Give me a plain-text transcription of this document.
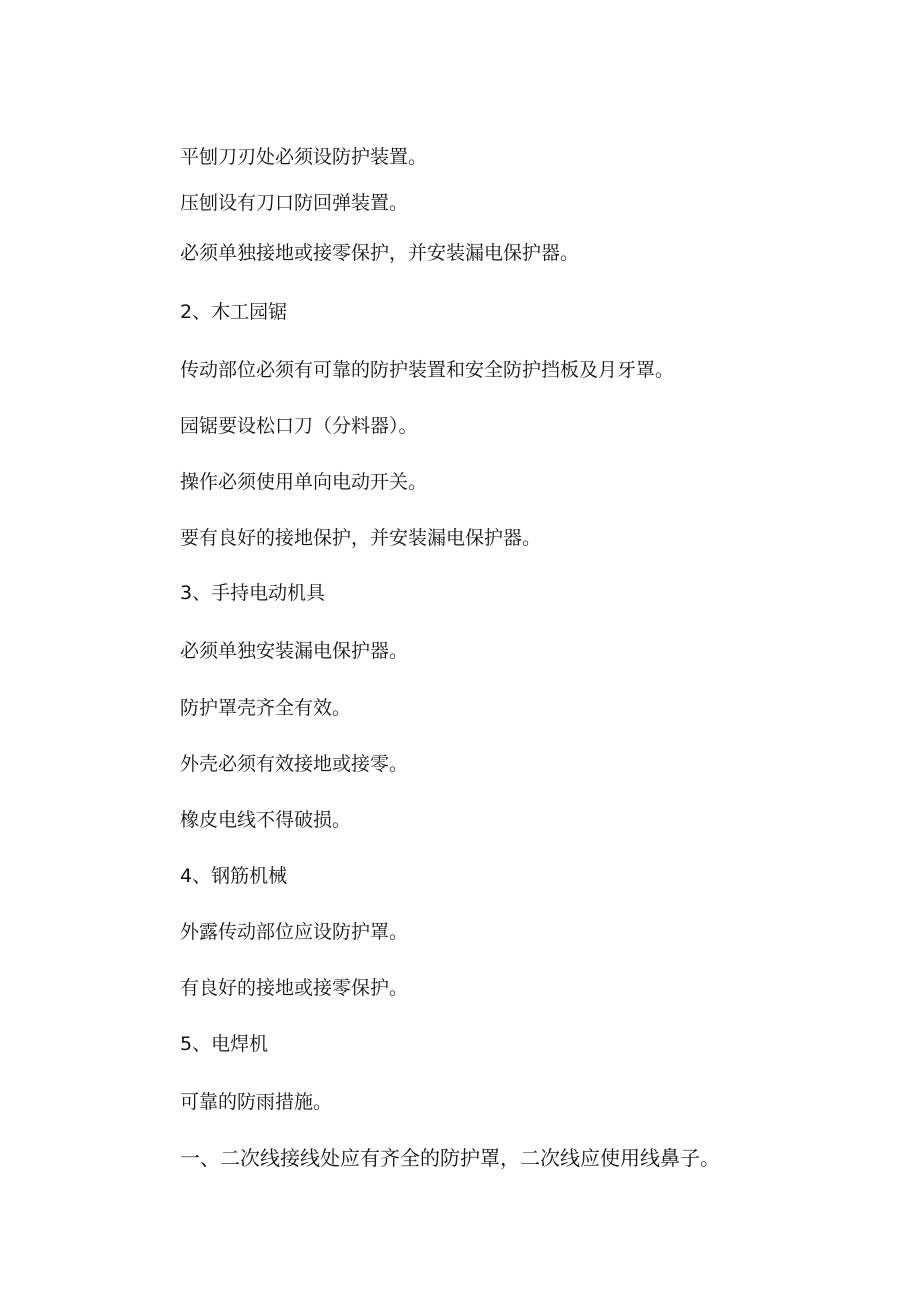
平刨刀刃处必须设防护装置。
压刨设有刀口防回弹装置。
必须单独接地或接零保护，并安装漏电保护器。
2、木工园锯
传动部位必须有可靠的防护装置和安全防护挡板及月牙罩。
园锯要设松口刀（分料器）。
操作必须使用单向电动开关。
要有良好的接地保护，并安装漏电保护器。
3、手持电动机具
必须单独安装漏电保护器。
防护罩壳齐全有效。
外壳必须有效接地或接零。
橡皮电线不得破损。
4、钢筋机械
外露传动部位应设防护罩。
有良好的接地或接零保护。
5、电焊机
可靠的防雨措施。
一、二次线接线处应有齐全的防护罩，二次线应使用线鼻子。
